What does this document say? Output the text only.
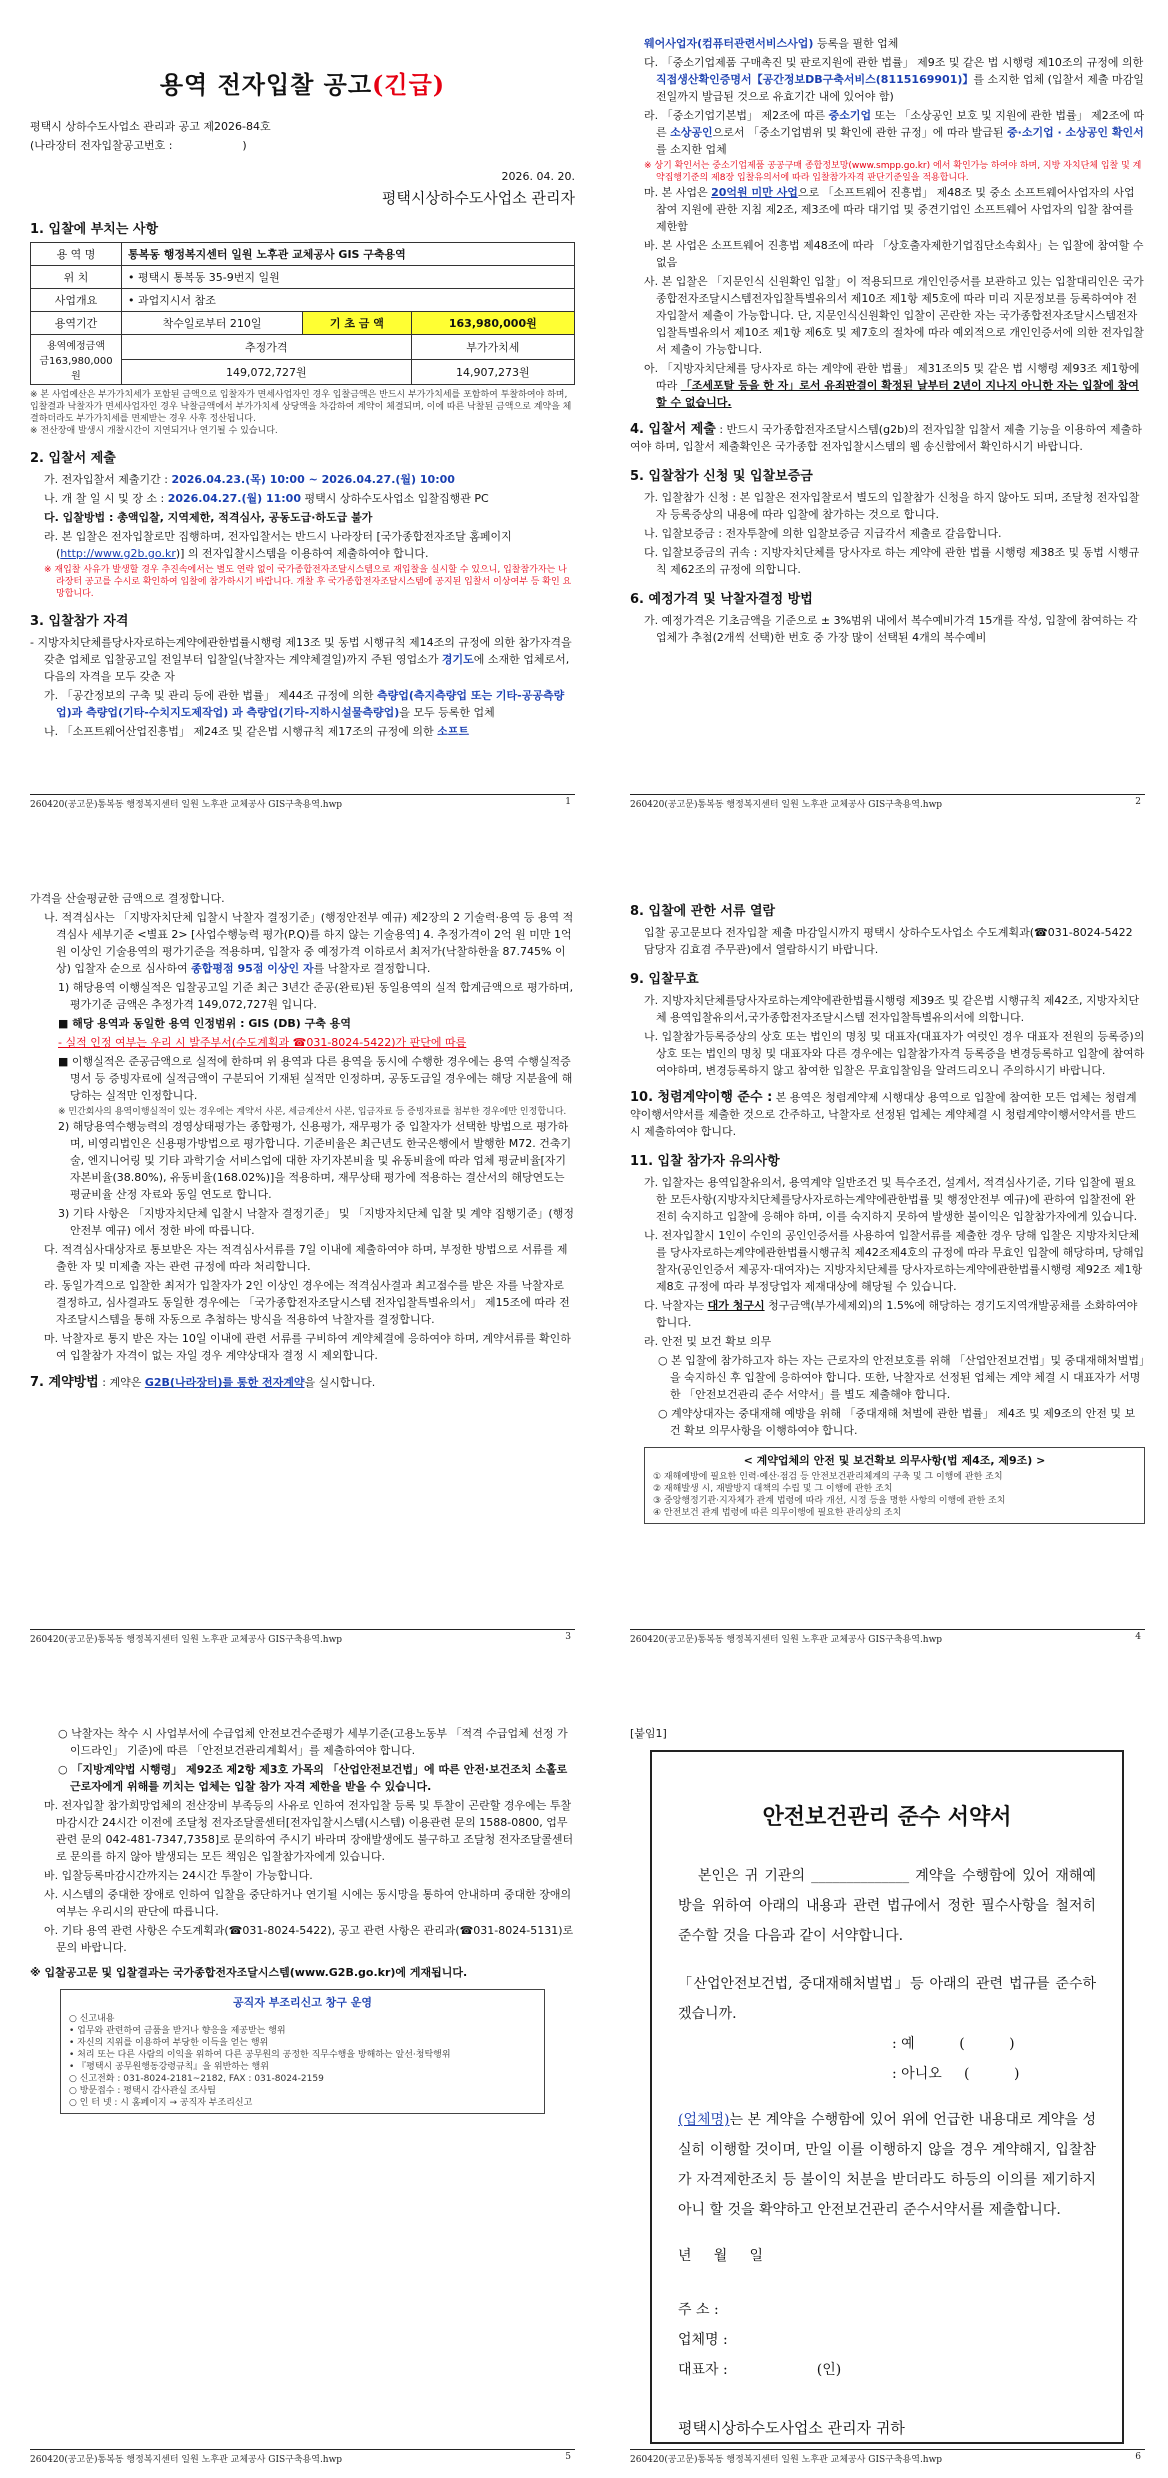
용역 전자입찰 공고(긴급)
평택시 상하수도사업소 관리과 공고 제2026-84호
(나라장터 전자입찰공고번호 :                    )
2026. 04. 20.
평택시상하수도사업소 관리자
1. 입찰에 부치는 사항
용 역 명	통복동 행정복지센터 일원 노후관 교체공사 GIS 구축용역		
위 치	• 평택시 통복동 35-9번지 일원		
사업개요	• 과업지시서 참조		
용역기간	착수일로부터 210일	기 초 금 액	163,980,000원
용역예정금액
금163,980,000원	추정가격		부가가치세
	149,072,727원		14,907,273원
※ 본 사업예산은 부가가치세가 포함된 금액으로 입찰자가 면세사업자인 경우 입찰금액은 반드시 부가가치세를 포함하여 투찰하여야 하며, 입찰결과 낙찰자가 면세사업자인 경우 낙찰금액에서 부가가치세 상당액을 차감하여 계약이 체결되며, 이에 따른 낙찰된 금액으로 계약을 체결하더라도 부가가치세를 면제받는 경우 사후 정산됩니다.
※ 전산장애 발생시 개찰시간이 지연되거나 연기될 수 있습니다.
2. 입찰서 제출
가. 전자입찰서 제출기간 : 2026.04.23.(목) 10:00 ~ 2026.04.27.(월) 10:00
나. 개 찰 일 시 및 장 소 : 2026.04.27.(월) 11:00 평택시 상하수도사업소 입찰집행관 PC
다. 입찰방법 : 총액입찰, 지역제한, 적격심사, 공동도급·하도급 불가
라. 본 입찰은 전자입찰로만 집행하며, 전자입찰서는 반드시 나라장터 [국가종합전자조달 홈페이지(http://www.g2b.go.kr)] 의 전자입찰시스템을 이용하여 제출하여야 합니다.
※ 재입찰 사유가 발생할 경우 추진속에서는 별도 연락 없이 국가종합전자조달시스템으로 재입찰을 실시할 수 있으니, 입찰참가자는 나라장터 공고를 수시로 확인하여 입찰에 참가하시기 바랍니다. 개찰 후 국가종합전자조달시스템에 공지된 입찰서 이상여부 등 확인 요망합니다.
3. 입찰참가 자격
- 지방자치단체를당사자로하는계약에관한법률시행령 제13조 및 동법 시행규칙 제14조의 규정에 의한 참가자격을 갖춘 업체로 입찰공고일 전일부터 입찰일(낙찰자는 계약체결일)까지 주된 영업소가 경기도에 소재한 업체로서, 다음의 자격을 모두 갖춘 자
가. 「공간정보의 구축 및 관리 등에 관한 법률」 제44조 규정에 의한 측량업(측지측량업 또는 기타-공공측량업)과 측량업(기타-수치지도제작업) 과 측량업(기타-지하시설물측량업)을 모두 등록한 업체
나. 「소프트웨어산업진흥법」 제24조 및 같은법 시행규칙 제17조의 규정에 의한 소프트
260420(공고문)통복동 행정복지센터 일원 노후관 교체공사 GIS구축용역.hwp	1
웨어사업자(컴퓨터관련서비스사업) 등록을 필한 업체
다. 「중소기업제품 구매촉진 및 판로지원에 관한 법률」 제9조 및 같은 법 시행령 제10조의 규정에 의한 직접생산확인증명서【공간정보DB구축서비스(8115169901)】를 소지한 업체 (입찰서 제출 마감일 전일까지 발급된 것으로 유효기간 내에 있어야 함)
라. 「중소기업기본법」 제2조에 따른 중소기업 또는 「소상공인 보호 및 지원에 관한 법률」 제2조에 따른 소상공인으로서 「중소기업범위 및 확인에 관한 규정」에 따라 발급된 중·소기업 · 소상공인 확인서를 소지한 업체
※ 상기 확인서는 중소기업제품 공공구매 종합정보망(www.smpp.go.kr) 에서 확인가능 하여야 하며, 지방 자치단체 입찰 및 계약집행기준의 제8장 입찰유의서에 따라 입찰참가자격 판단기준일을 적용합니다.
마. 본 사업은 20억원 미만 사업으로 「소프트웨어 진흥법」 제48조 및 중소 소프트웨어사업자의 사업 참여 지원에 관한 지침 제2조, 제3조에 따라 대기업 및 중견기업인 소프트웨어 사업자의 입찰 참여를 제한함
바. 본 사업은 소프트웨어 진흥법 제48조에 따라 「상호출자제한기업집단소속회사」는 입찰에 참여할 수 없음
사. 본 입찰은 「지문인식 신원확인 입찰」이 적용되므로 개인인증서를 보관하고 있는 입찰대리인은 국가종합전자조달시스템전자입찰특별유의서 제10조 제1항 제5호에 따라 미리 지문정보를 등록하여야 전자입찰서 제출이 가능합니다. 단, 지문인식신원확인 입찰이 곤란한 자는 국가종합전자조달시스템전자입찰특별유의서 제10조 제1항 제6호 및 제7호의 절차에 따라 예외적으로 개인인증서에 의한 전자입찰서 제출이 가능합니다.
아. 「지방자치단체를 당사자로 하는 계약에 관한 법률」 제31조의5 및 같은 법 시행령 제93조 제1항에 따라 「조세포탈 등을 한 자」로서 유죄판결이 확정된 날부터 2년이 지나지 아니한 자는 입찰에 참여할 수 없습니다.
4. 입찰서 제출 : 반드시 국가종합전자조달시스템(g2b)의 전자입찰 입찰서 제출 기능을 이용하여 제출하여야 하며, 입찰서 제출확인은 국가종합 전자입찰시스템의 웹 송신함에서 확인하시기 바랍니다.
5. 입찰참가 신청 및 입찰보증금
가. 입찰참가 신청 : 본 입찰은 전자입찰로서 별도의 입찰참가 신청을 하지 않아도 되며, 조달청 전자입찰자 등록증상의 내용에 따라 입찰에 참가하는 것으로 합니다.
나. 입찰보증금 : 전자투찰에 의한 입찰보증금 지급각서 제출로 갈음합니다.
다. 입찰보증금의 귀속 : 지방자치단체를 당사자로 하는 계약에 관한 법률 시행령 제38조 및 동법 시행규칙 제62조의 규정에 의합니다.
6. 예정가격 및 낙찰자결정 방법
가. 예정가격은 기초금액을 기준으로 ± 3%범위 내에서 복수예비가격 15개를 작성, 입찰에 참여하는 각 업체가 추첨(2개씩 선택)한 번호 중 가장 많이 선택된 4개의 복수예비
260420(공고문)통복동 행정복지센터 일원 노후관 교체공사 GIS구축용역.hwp	2
가격을 산술평균한 금액으로 결정합니다.
나. 적격심사는 「지방자치단체 입찰시 낙찰자 결정기준」(행정안전부 예규) 제2장의 2 기술력·용역 등 용역 적격심사 세부기준 <별표 2> [사업수행능력 평가(P.Q)를 하지 않는 기술용역] 4. 추정가격이 2억 원 미만 1억 원 이상인 기술용역의 평가기준을 적용하며, 입찰자 중 예정가격 이하로서 최저가(낙찰하한율 87.745% 이상) 입찰자 순으로 심사하여 종합평점 95점 이상인 자를 낙찰자로 결정합니다.
1) 해당용역 이행실적은 입찰공고일 기준 최근 3년간 준공(완료)된 동일용역의 실적 합계금액으로 평가하며, 평가기준 금액은 추정가격 149,072,727원 입니다.
■ 해당 용역과 동일한 용역 인정범위 : GIS (DB) 구축 용역
- 실적 인정 여부는 우리 시 발주부서(수도계획과 ☎031-8024-5422)가 판단에 따름
■ 이행실적은 준공금액으로 실적에 한하며 위 용역과 다른 용역을 동시에 수행한 경우에는 용역 수행실적증명서 등 증빙자료에 실적금액이 구분되어 기재된 실적만 인정하며, 공동도급일 경우에는 해당 지분율에 해당하는 실적만 인정합니다.
※ 민간회사의 용역이행실적이 있는 경우에는 계약서 사본, 세금계산서 사본, 입금자료 등 증빙자료를 첨부한 경우에만 인정합니다.
2) 해당용역수행능력의 경영상태평가는 종합평가, 신용평가, 재무평가 중 입찰자가 선택한 방법으로 평가하며, 비영리법인은 신용평가방법으로 평가합니다. 기준비율은 최근년도 한국은행에서 발행한 M72. 건축기술, 엔지니어링 및 기타 과학기술 서비스업에 대한 자기자본비율 및 유동비율에 따라 업체 평균비율[자기자본비율(38.80%), 유동비율(168.02%)]을 적용하며, 재무상태 평가에 적용하는 결산서의 해당연도는 평균비율 산정 자료와 동일 연도로 합니다.
3) 기타 사항은 「지방자치단체 입찰시 낙찰자 결정기준」 및 「지방자치단체 입찰 및 계약 집행기준」(행정안전부 예규) 에서 정한 바에 따릅니다.
다. 적격심사대상자로 통보받은 자는 적격심사서류를 7일 이내에 제출하여야 하며, 부정한 방법으로 서류를 제출한 자 및 미제출 자는 관련 규정에 따라 처리합니다.
라. 동일가격으로 입찰한 최저가 입찰자가 2인 이상인 경우에는 적격심사결과 최고점수를 받은 자를 낙찰자로 결정하고, 심사결과도 동일한 경우에는 「국가종합전자조달시스템 전자입찰특별유의서」 제15조에 따라 전자조달시스템을 통해 자동으로 추첨하는 방식을 적용하여 낙찰자를 결정합니다.
마. 낙찰자로 통지 받은 자는 10일 이내에 관련 서류를 구비하여 계약체결에 응하여야 하며, 계약서류를 확인하여 입찰참가 자격이 없는 자일 경우 계약상대자 결정 시 제외합니다.
7. 계약방법 : 계약은 G2B(나라장터)를 통한 전자계약을 실시합니다.
260420(공고문)통복동 행정복지센터 일원 노후관 교체공사 GIS구축용역.hwp	3
8. 입찰에 관한 서류 열람
입찰 공고문보다 전자입찰 제출 마감일시까지 평택시 상하수도사업소 수도계획과(☎031-8024-5422 담당자 김효겸 주무관)에서 열람하시기 바랍니다.
9. 입찰무효
가. 지방자치단체를당사자로하는계약에관한법률시행령 제39조 및 같은법 시행규칙 제42조, 지방자치단체 용역입찰유의서,국가종합전자조달시스템 전자입찰특별유의서에 의합니다.
나. 입찰참가등록증상의 상호 또는 법인의 명칭 및 대표자(대표자가 여럿인 경우 대표자 전원의 등록증)의 상호 또는 법인의 명칭 및 대표자와 다른 경우에는 입찰참가자격 등록증을 변경등록하고 입찰에 참여하여야하며, 변경등록하지 않고 참여한 입찰은 무효입찰임을 알려드리오니 주의하시기 바랍니다.
10. 청렴계약이행 준수 : 본 용역은 청렴계약제 시행대상 용역으로 입찰에 참여한 모든 업체는 청렴계약이행서약서를 제출한 것으로 간주하고, 낙찰자로 선정된 업체는 계약체결 시 청렴계약이행서약서를 반드시 제출하여야 합니다.
11. 입찰 참가자 유의사항
가. 입찰자는 용역입찰유의서, 용역계약 일반조건 및 특수조건, 설계서, 적격심사기준, 기타 입찰에 필요한 모든사항(지방자치단체를당사자로하는계약에관한법률 및 행정안전부 예규)에 관하여 입찰전에 완전히 숙지하고 입찰에 응해야 하며, 이를 숙지하지 못하여 발생한 불이익은 입찰참가자에게 있습니다.
나. 전자입찰시 1인이 수인의 공인인증서를 사용하여 입찰서류를 제출한 경우 당해 입찰은 지방자치단체를 당사자로하는계약에관한법률시행규칙 제42조제4호의 규정에 따라 무효인 입찰에 해당하며, 당해입찰자(공인인증서 제공자·대여자)는 지방자치단체를 당사자로하는계약에관한법률시행령 제92조 제1항제8호 규정에 따라 부정당업자 제재대상에 해당될 수 있습니다.
다. 낙찰자는 대가 청구시 청구금액(부가세제외)의 1.5%에 해당하는 경기도지역개발공채를 소화하여야 합니다.
라. 안전 및 보건 확보 의무
○ 본 입찰에 참가하고자 하는 자는 근로자의 안전보호를 위해 「산업안전보건법」및 중대재해처벌법」을 숙지하신 후 입찰에 응하여야 합니다. 또한, 낙찰자로 선정된 업체는 계약 체결 시 대표자가 서명한 「안전보건관리 준수 서약서」를 별도 제출해야 합니다.
○ 계약상대자는 중대재해 예방을 위해 「중대재해 처벌에 관한 법률」 제4조 및 제9조의 안전 및 보건 확보 의무사항을 이행하여야 합니다.
< 계약업체의 안전 및 보건확보 의무사항(법 제4조, 제9조) >
① 재해예방에 필요한 인력·예산·점검 등 안전보건관리체계의 구축 및 그 이행에 관한 조치
② 재해발생 시, 재발방지 대책의 수립 및 그 이행에 관한 조치
③ 중앙행정기관·지자체가 관계 법령에 따라 개선, 시정 등을 명한 사항의 이행에 관한 조치
④ 안전보건 관계 법령에 따른 의무이행에 필요한 관리상의 조치
260420(공고문)통복동 행정복지센터 일원 노후관 교체공사 GIS구축용역.hwp	4
○ 낙찰자는 착수 시 사업부서에 수급업체 안전보건수준평가 세부기준(고용노동부 「적격 수급업체 선정 가이드라인」 기준)에 따른 「안전보건관리계획서」를 제출하여야 합니다.
○ 「지방계약법 시행령」 제92조 제2항 제3호 가목의 「산업안전보건법」에 따른 안전·보건조치 소홀로 근로자에게 위해를 끼치는 업체는 입찰 참가 자격 제한을 받을 수 있습니다.
마. 전자입찰 참가희망업체의 전산장비 부족등의 사유로 인하여 전자입찰 등록 및 투찰이 곤란할 경우에는 투찰마감시간 24시간 이전에 조달청 전자조달콜센터[전자입찰시스템(시스템) 이용관련 문의 1588-0800, 업무관련 문의 042-481-7347,7358]로 문의하여 주시기 바라며 장애발생에도 불구하고 조달청 전자조달콜센터로 문의를 하지 않아 발생되는 모든 책임은 입찰참가자에게 있습니다.
바. 입찰등록마감시간까지는 24시간 투찰이 가능합니다.
사. 시스템의 중대한 장애로 인하여 입찰을 중단하거나 연기될 시에는 동시망을 통하여 안내하며 중대한 장애의 여부는 우리시의 판단에 따릅니다.
아. 기타 용역 관련 사항은 수도계획과(☎031-8024-5422), 공고 관련 사항은 관리과(☎031-8024-5131)로 문의 바랍니다.
※ 입찰공고문 및 입찰결과는 국가종합전자조달시스템(www.G2B.go.kr)에 게재됩니다.
공직자 부조리신고 창구 운영
○ 신고내용
• 업무와 관련하여 금품을 받거나 향응을 제공받는 행위
• 자신의 지위를 이용하여 부당한 이득을 얻는 행위
• 처리 또는 다른 사람의 이익을 위하여 다른 공무원의 공정한 직무수행을 방해하는 알선·청탁행위
• 『평택시 공무원행동강령규칙』을 위반하는 행위
○ 신고전화 : 031-8024-2181~2182, FAX : 031-8024-2159
○ 방문접수 : 평택시 감사관실 조사팀
○ 인 터 넷 : 시 홈페이지 → 공직자 부조리신고
260420(공고문)통복동 행정복지센터 일원 노후관 교체공사 GIS구축용역.hwp	5
[붙임1]
안전보건관리 준수 서약서
본인은 귀 기관의 ______________ 계약을 수행함에 있어 재해예방을 위하여 아래의 내용과 관련 법규에서 정한 필수사항을 철저히 준수할 것을 다음과 같이 서약합니다.
「산업안전보건법, 중대재해처벌법」등 아래의 관련 법규를 준수하겠습니까.
: 예          (          )
: 아니오     (          )
(업체명)는 본 계약을 수행함에 있어 위에 언급한 내용대로 계약을 성실히 이행할 것이며, 만일 이를 이행하지 않을 경우 계약해지, 입찰참가 자격제한조치 등 불이익 처분을 받더라도 하등의 이의를 제기하지 아니 할 것을 확약하고 안전보건관리 준수서약서를 제출합니다.
년     월     일
주 소 :
업체명 :
대표자 :                    (인)
평택시상하수도사업소 관리자 귀하
260420(공고문)통복동 행정복지센터 일원 노후관 교체공사 GIS구축용역.hwp	6
